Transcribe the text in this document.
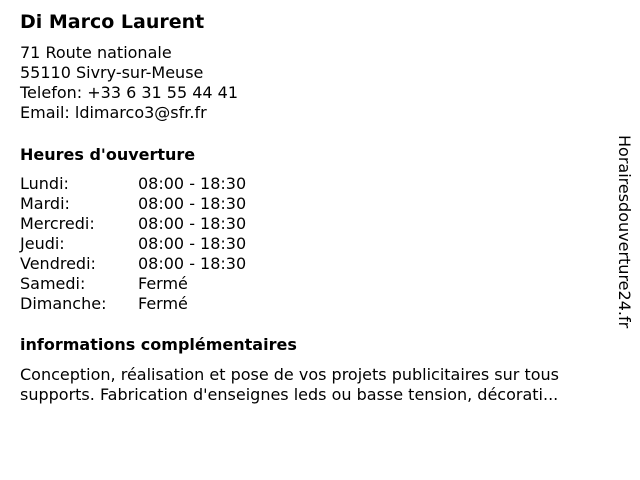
Di Marco Laurent
71 Route nationale
55110 Sivry-sur-Meuse
Telefon: +33 6 31 55 44 41
Email: ldimarco3@sfr.fr
Heures d'ouverture
Lundi:	08:00 - 18:30
Mardi:	08:00 - 18:30
Mercredi:	08:00 - 18:30
Jeudi:	08:00 - 18:30
Vendredi:	08:00 - 18:30
Samedi:	Fermé
Dimanche:	Fermé
informations complémentaires

Conception, réalisation et pose de vos projets publicitaires sur tous
supports. Fabrication d'enseignes leds ou basse tension, décorati...

Horairesdouverture24.fr
